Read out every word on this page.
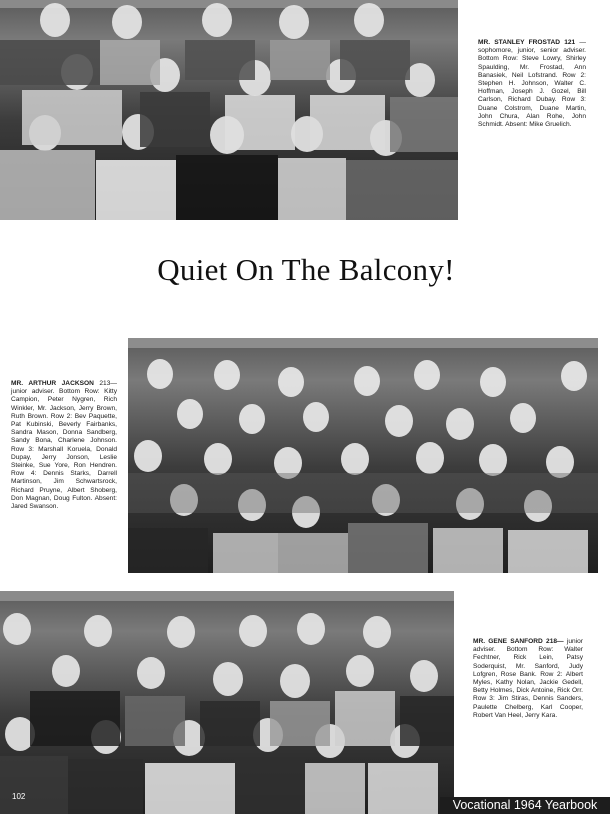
MR. STANLEY FROSTAD 121 —sophomore, junior, senior adviser. Bottom Row: Steve Lowry, Shirley Spaulding, Mr. Frostad, Ann Banasiek, Neil Lofstrand. Row 2: Stephen H. Johnson, Walter C. Hoffman, Joseph J. Gozel, Bill Carlson, Richard Dubay. Row 3: Duane Colstrom, Duane Martin, John Chura, Alan Rohe, John Schmidt. Absent: Mike Gruelich.
Quiet On The Balcony!
MR. ARTHUR JACKSON 213—junior adviser. Bottom Row: Kitty Campion, Peter Nygren, Rich Winkler, Mr. Jackson, Jerry Brown, Ruth Brown. Row 2: Bev Paquette, Pat Kubinski, Beverly Fairbanks, Sandra Mason, Donna Sandberg, Sandy Bona, Charlene Johnson. Row 3: Marshall Koruela, Donald Dupay, Jerry Jonson, Leslie Steinke, Sue Yore, Ron Hendren. Row 4: Dennis Starks, Darrell Martinson, Jim Schwartsrock, Richard Pruyne, Albert Shoberg, Don Magnan, Doug Fulton. Absent: Jared Swanson.
MR. GENE SANFORD 218— junior adviser. Bottom Row: Walter Fechtner, Rick Lein, Patsy Soderquist, Mr. Sanford, Judy Lofgren, Rose Bank. Row 2: Albert Myles, Kathy Nolan, Jackie Gedell, Betty Holmes, Dick Antoine, Rick Orr. Row 3: Jim Stiras, Dennis Sanders, Paulette Chelberg, Karl Cooper, Robert Van Heel, Jerry Kara.
102
Vocational 1964 Yearbook
